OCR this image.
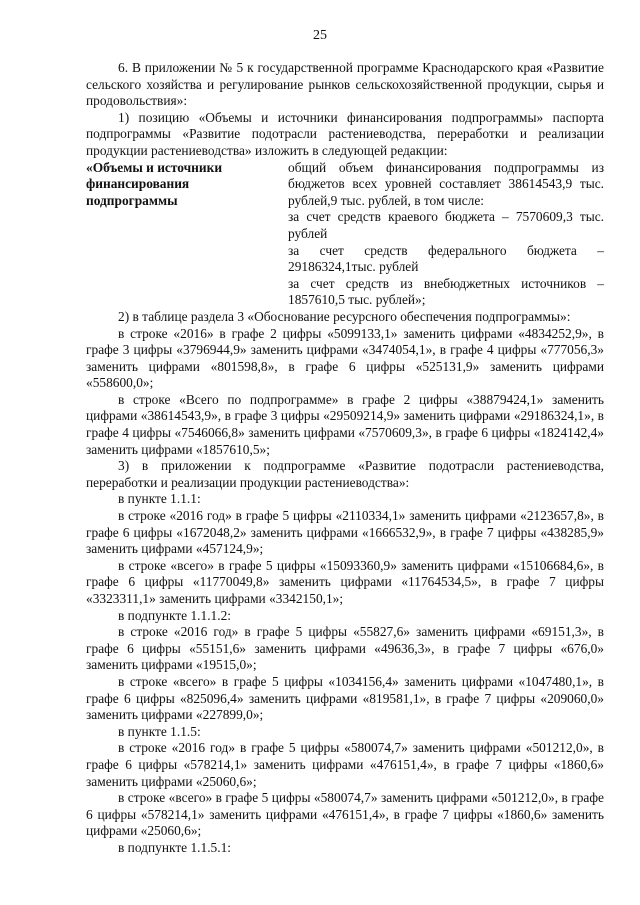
25

6. В приложении № 5 к государственной программе Краснодарского края «Развитие сельского хозяйства и регулирование рынков сельскохозяйственной продукции, сырья и продовольствия»:

1) позицию «Объемы и источники финансирования подпрограммы» паспорта подпрограммы «Развитие подотрасли растениеводства, переработки и реализации продукции растениеводства» изложить в следующей редакции:

«Объемы и источники финансирования подпрограммы
общий объем финансирования подпрограммы из бюджетов всех уровней составляет 38614543,9 тыс. рублей,9 тыс. рублей, в том числе:
за счет средств краевого бюджета – 7570609,3 тыс. рублей
за счет средств федерального бюджета – 29186324,1тыс. рублей
за счет средств из внебюджетных источников – 1857610,5 тыс. рублей»;

2) в таблице раздела 3 «Обоснование ресурсного обеспечения подпрограммы»:

в строке «2016» в графе 2 цифры «5099133,1» заменить цифрами «4834252,9», в графе 3 цифры «3796944,9» заменить цифрами «3474054,1», в графе 4 цифры «777056,3» заменить цифрами «801598,8», в графе 6 цифры «525131,9» заменить цифрами «558600,0»;

в строке «Всего по подпрограмме» в графе 2 цифры «38879424,1» заменить цифрами «38614543,9», в графе 3 цифры «29509214,9» заменить цифрами «29186324,1», в графе 4 цифры «7546066,8» заменить цифрами «7570609,3», в графе 6 цифры «1824142,4» заменить цифрами «1857610,5»;

3) в приложении к подпрограмме «Развитие подотрасли растениеводства, переработки и реализации продукции растениеводства»:

в пункте 1.1.1:

в строке «2016 год» в графе 5 цифры «2110334,1» заменить цифрами «2123657,8», в графе 6 цифры «1672048,2» заменить цифрами «1666532,9», в графе 7 цифры «438285,9» заменить цифрами «457124,9»;

в строке «всего» в графе 5 цифры «15093360,9» заменить цифрами «15106684,6», в графе 6 цифры «11770049,8» заменить цифрами «11764534,5», в графе 7 цифры «3323311,1» заменить цифрами «3342150,1»;

в подпункте 1.1.1.2:

в строке «2016 год» в графе 5 цифры «55827,6» заменить цифрами «69151,3», в графе 6 цифры «55151,6» заменить цифрами «49636,3», в графе 7 цифры «676,0» заменить цифрами «19515,0»;

в строке «всего» в графе 5 цифры «1034156,4» заменить цифрами «1047480,1», в графе 6 цифры «825096,4» заменить цифрами «819581,1», в графе 7 цифры «209060,0» заменить цифрами «227899,0»;

в пункте 1.1.5:

в строке «2016 год» в графе 5 цифры «580074,7» заменить цифрами «501212,0», в графе 6 цифры «578214,1» заменить цифрами «476151,4», в графе 7 цифры «1860,6» заменить цифрами «25060,6»;

в строке «всего» в графе 5 цифры «580074,7» заменить цифрами «501212,0», в графе 6 цифры «578214,1» заменить цифрами «476151,4», в графе 7 цифры «1860,6» заменить цифрами «25060,6»;

в подпункте 1.1.5.1:
